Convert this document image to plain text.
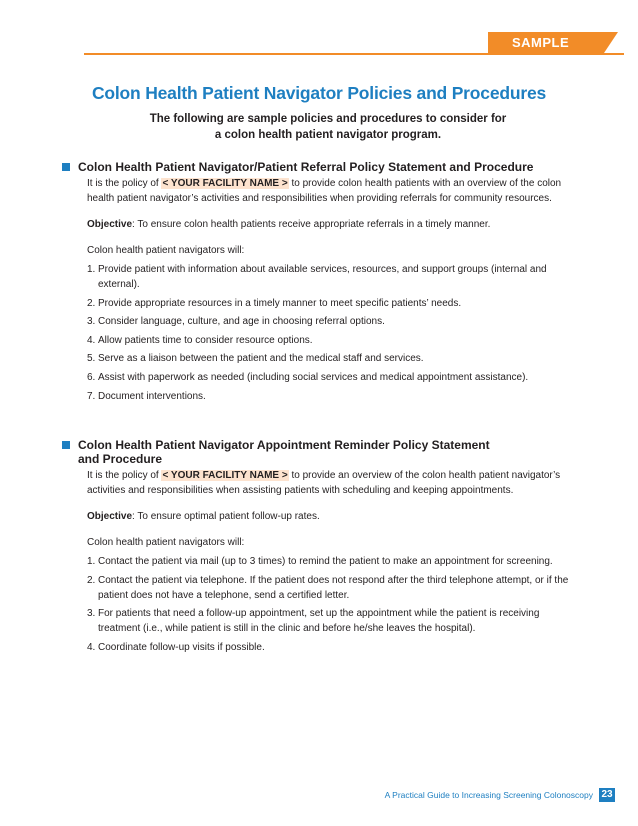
SAMPLE
Colon Health Patient Navigator Policies and Procedures
The following are sample policies and procedures to consider for
a colon health patient navigator program.
Colon Health Patient Navigator/Patient Referral Policy Statement and Procedure

It is the policy of < YOUR FACILITY NAME > to provide colon health patients with an overview of the colon health patient navigator’s activities and responsibilities when providing referrals for community resources.

Objective: To ensure colon health patients receive appropriate referrals in a timely manner.

Colon health patient navigators will:

1. Provide patient with information about available services, resources, and support groups (internal and external).
2. Provide appropriate resources in a timely manner to meet specific patients’ needs.
3. Consider language, culture, and age in choosing referral options.
4. Allow patients time to consider resource options.
5. Serve as a liaison between the patient and the medical staff and services.
6. Assist with paperwork as needed (including social services and medical appointment assistance).
7. Document interventions.
Colon Health Patient Navigator Appointment Reminder Policy Statement
and Procedure

It is the policy of < YOUR FACILITY NAME > to provide an overview of the colon health patient navigator’s activities and responsibilities when assisting patients with scheduling and keeping appointments.

Objective: To ensure optimal patient follow-up rates.

Colon health patient navigators will:

1. Contact the patient via mail (up to 3 times) to remind the patient to make an appointment for screening.
2. Contact the patient via telephone. If the patient does not respond after the third telephone attempt, or if the patient does not have a telephone, send a certified letter.
3. For patients that need a follow-up appointment, set up the appointment while the patient is receiving treatment (i.e., while patient is still in the clinic and before he/she leaves the hospital).
4. Coordinate follow-up visits if possible.
A Practical Guide to Increasing Screening Colonoscopy 23
